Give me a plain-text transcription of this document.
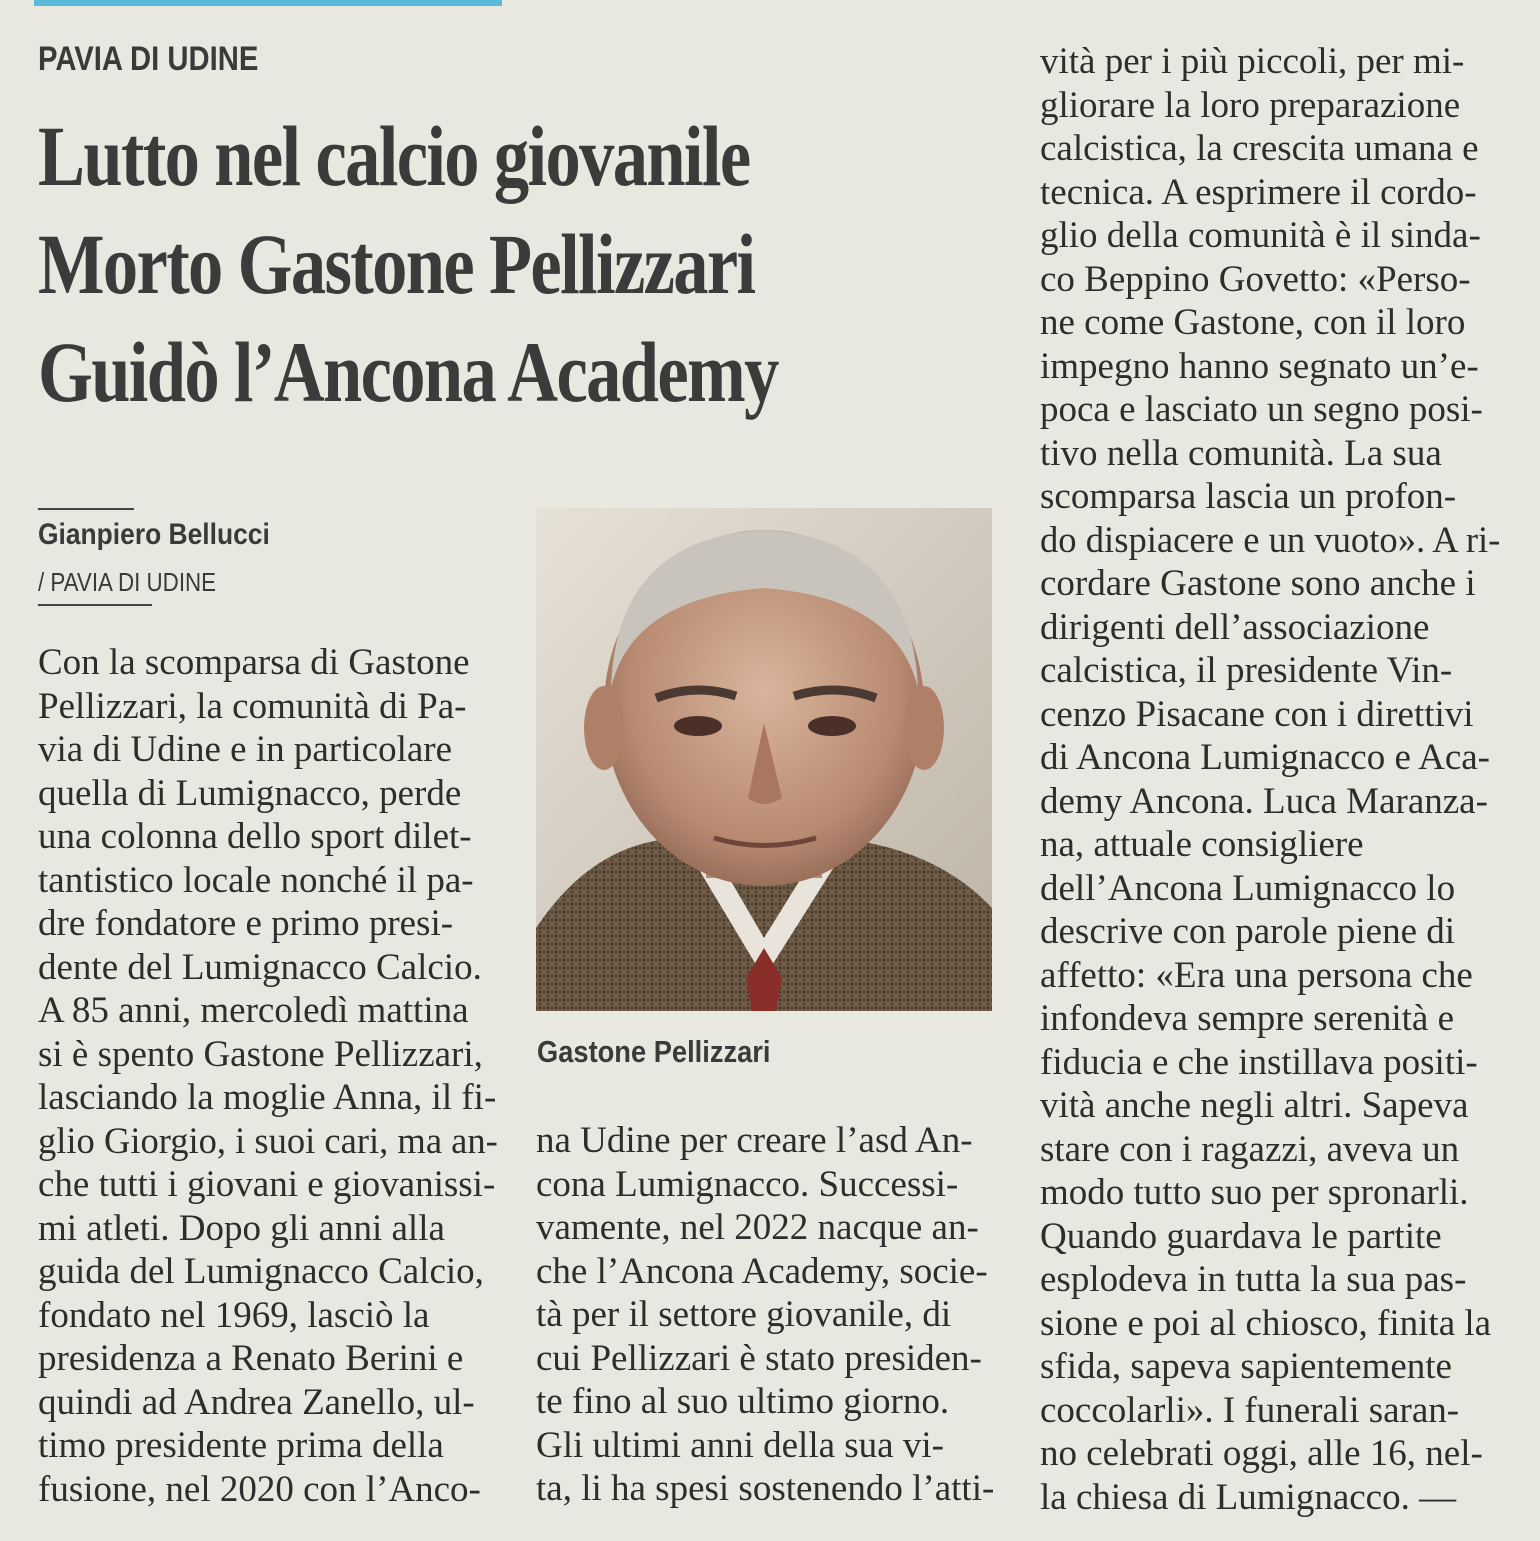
PAVIA DI UDINE
Lutto nel calcio giovanile
Morto Gastone Pellizzari
Guidò l’Ancona Academy
Gianpiero Bellucci
/ PAVIA DI UDINE
Con la scomparsa di Gastone
Pellizzari, la comunità di Pa-
via di Udine e in particolare
quella di Lumignacco, perde
una colonna dello sport dilet-
tantistico locale nonché il pa-
dre fondatore e primo presi-
dente del Lumignacco Calcio.
A 85 anni, mercoledì mattina
si è spento Gastone Pellizzari,
lasciando la moglie Anna, il fi-
glio Giorgio, i suoi cari, ma an-
che tutti i giovani e giovanissi-
mi atleti. Dopo gli anni alla
guida del Lumignacco Calcio,
fondato nel 1969, lasciò la
presidenza a Renato Berini e
quindi ad Andrea Zanello, ul-
timo presidente prima della
fusione, nel 2020 con l’Anco-
Gastone Pellizzari
na Udine per creare l’asd An-
cona Lumignacco. Successi-
vamente, nel 2022 nacque an-
che l’Ancona Academy, socie-
tà per il settore giovanile, di
cui Pellizzari è stato presiden-
te fino al suo ultimo giorno.
Gli ultimi anni della sua vi-
ta, li ha spesi sostenendo l’atti-
vità per i più piccoli, per mi-
gliorare la loro preparazione
calcistica, la crescita umana e
tecnica. A esprimere il cordo-
glio della comunità è il sinda-
co Beppino Govetto: «Perso-
ne come Gastone, con il loro
impegno hanno segnato un’e-
poca e lasciato un segno posi-
tivo nella comunità. La sua
scomparsa lascia un profon-
do dispiacere e un vuoto». A ri-
cordare Gastone sono anche i
dirigenti dell’associazione
calcistica, il presidente Vin-
cenzo Pisacane con i direttivi
di Ancona Lumignacco e Aca-
demy Ancona. Luca Maranza-
na, attuale consigliere
dell’Ancona Lumignacco lo
descrive con parole piene di
affetto: «Era una persona che
infondeva sempre serenità e
fiducia e che instillava positi-
vità anche negli altri. Sapeva
stare con i ragazzi, aveva un
modo tutto suo per spronarli.
Quando guardava le partite
esplodeva in tutta la sua pas-
sione e poi al chiosco, finita la
sfida, sapeva sapientemente
coccolarli». I funerali saran-
no celebrati oggi, alle 16, nel-
la chiesa di Lumignacco. —
